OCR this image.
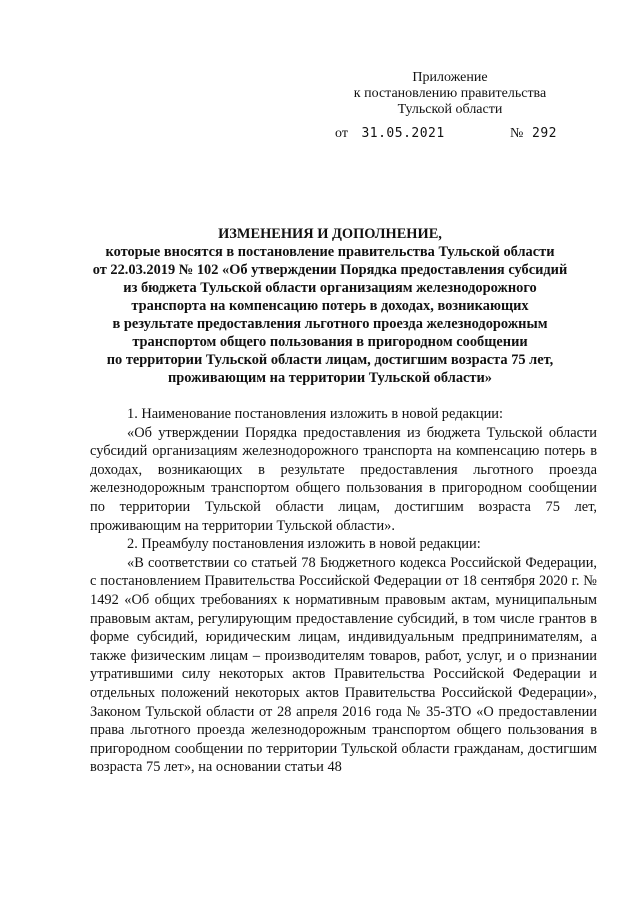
Приложение
к постановлению правительства
Тульской области
от 31.05.2021	№ 292
ИЗМЕНЕНИЯ И ДОПОЛНЕНИЕ,
которые вносятся в постановление правительства Тульской области
от 22.03.2019 № 102 «Об утверждении Порядка предоставления субсидий
из бюджета Тульской области организациям железнодорожного
транспорта на компенсацию потерь в доходах, возникающих
в результате предоставления льготного проезда железнодорожным
транспортом общего пользования в пригородном сообщении
по территории Тульской области лицам, достигшим возраста 75 лет,
проживающим на территории Тульской области»

1. Наименование постановления изложить в новой редакции:

«Об утверждении Порядка предоставления из бюджета Тульской области субсидий организациям железнодорожного транспорта на компенсацию потерь в доходах, возникающих в результате предоставления льготного проезда железнодорожным транспортом общего пользования в пригородном сообщении по территории Тульской области лицам, достигшим возраста 75 лет, проживающим на территории Тульской области».

2. Преамбулу постановления изложить в новой редакции:

«В соответствии со статьей 78 Бюджетного кодекса Российской Федерации, с постановлением Правительства Российской Федерации от 18 сентября 2020 г. № 1492 «Об общих требованиях к нормативным правовым актам, муниципальным правовым актам, регулирующим предоставление субсидий, в том числе грантов в форме субсидий, юридическим лицам, индивидуальным предпринимателям, а также физическим лицам – производителям товаров, работ, услуг, и о признании утратившими силу некоторых актов Правительства Российской Федерации и отдельных положений некоторых актов Правительства Российской Федерации», Законом Тульской области от 28 апреля 2016 года № 35-ЗТО «О предоставлении права льготного проезда железнодорожным транспортом общего пользования в пригородном сообщении по территории Тульской области гражданам, достигшим возраста 75 лет», на основании статьи 48
